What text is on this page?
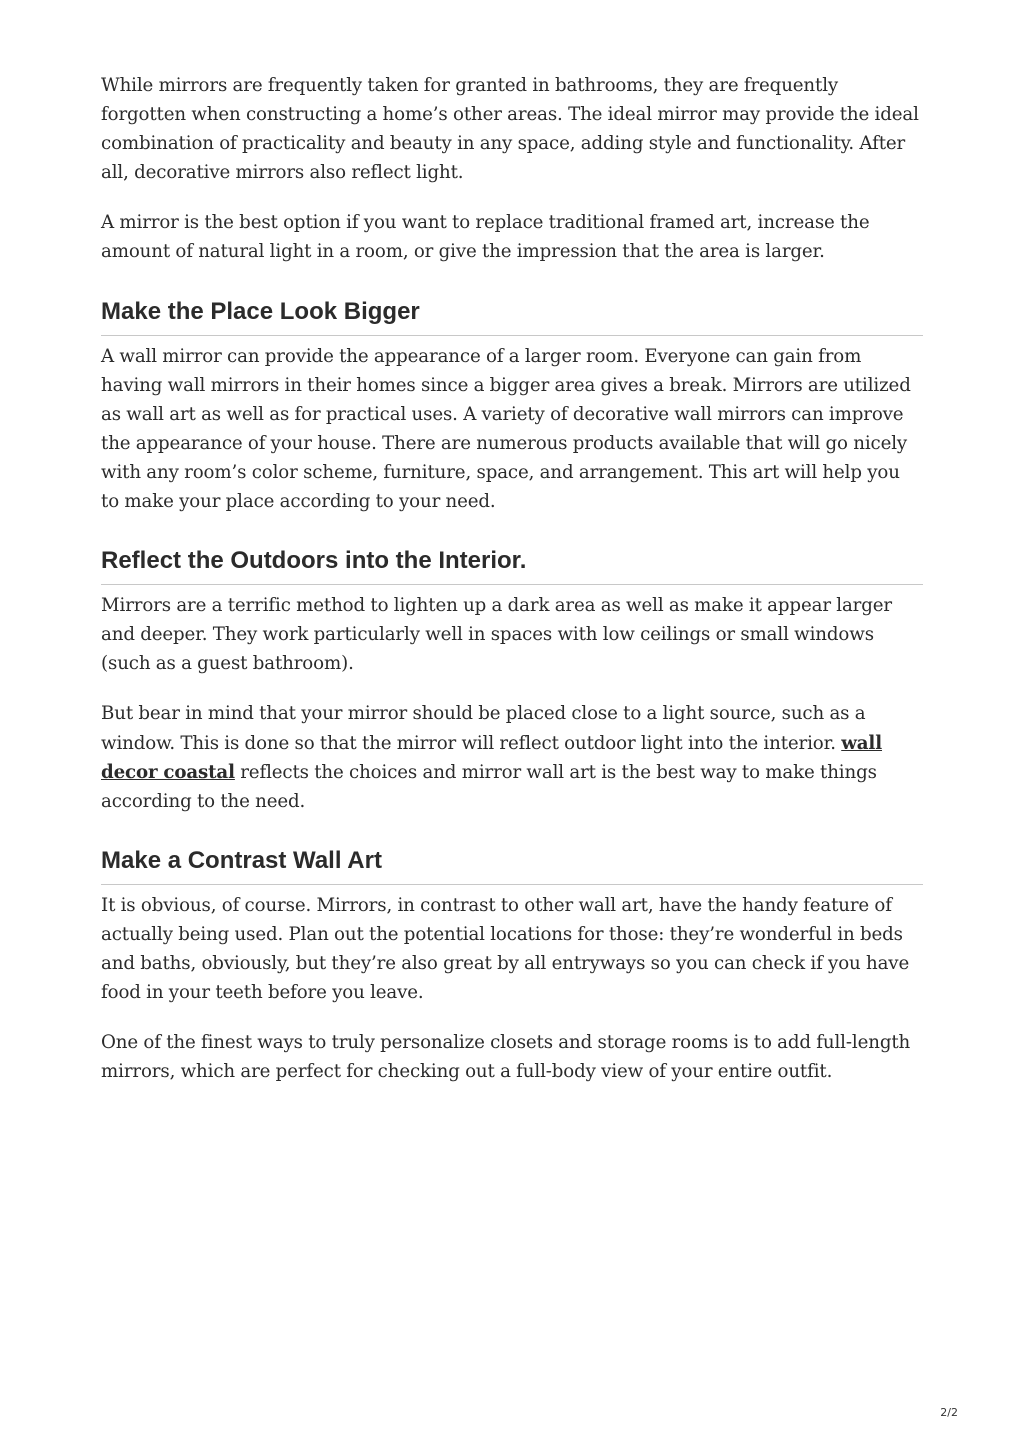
While mirrors are frequently taken for granted in bathrooms, they are frequently forgotten when constructing a home’s other areas. The ideal mirror may provide the ideal combination of practicality and beauty in any space, adding style and functionality. After all, decorative mirrors also reflect light.

A mirror is the best option if you want to replace traditional framed art, increase the amount of natural light in a room, or give the impression that the area is larger.

Make the Place Look Bigger

A wall mirror can provide the appearance of a larger room. Everyone can gain from having wall mirrors in their homes since a bigger area gives a break. Mirrors are utilized as wall art as well as for practical uses. A variety of decorative wall mirrors can improve the appearance of your house. There are numerous products available that will go nicely with any room’s color scheme, furniture, space, and arrangement. This art will help you to make your place according to your need.

Reflect the Outdoors into the Interior.

Mirrors are a terrific method to lighten up a dark area as well as make it appear larger and deeper. They work particularly well in spaces with low ceilings or small windows (such as a guest bathroom).

But bear in mind that your mirror should be placed close to a light source, such as a window. This is done so that the mirror will reflect outdoor light into the interior. wall decor coastal reflects the choices and mirror wall art is the best way to make things according to the need.

Make a Contrast Wall Art

It is obvious, of course. Mirrors, in contrast to other wall art, have the handy feature of actually being used. Plan out the potential locations for those: they’re wonderful in beds and baths, obviously, but they’re also great by all entryways so you can check if you have food in your teeth before you leave.

One of the finest ways to truly personalize closets and storage rooms is to add full-length mirrors, which are perfect for checking out a full-body view of your entire outfit.

2/2
